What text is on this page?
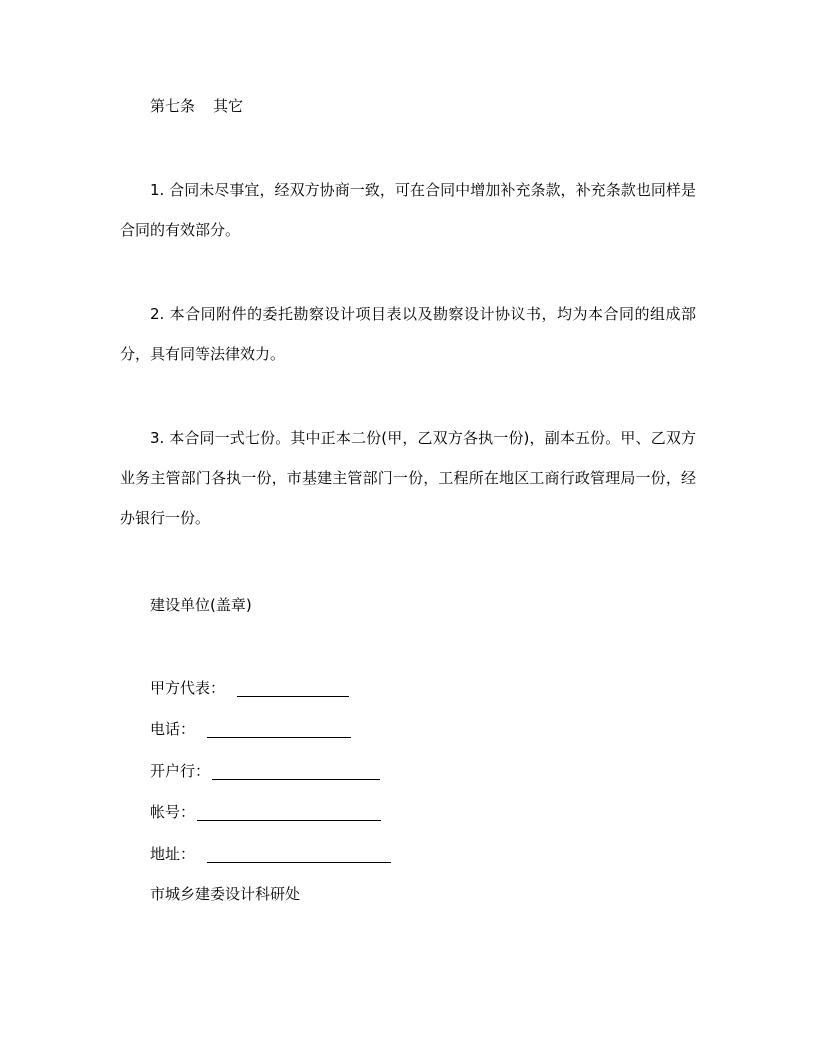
第七条 其它
1. 合同未尽事宜，经双方协商一致，可在合同中增加补充条款，补充条款也同样是合同的有效部分。
2. 本合同附件的委托勘察设计项目表以及勘察设计协议书，均为本合同的组成部分，具有同等法律效力。
3. 本合同一式七份。其中正本二份(甲，乙双方各执一份)，副本五份。甲、乙双方业务主管部门各执一份，市基建主管部门一份，工程所在地区工商行政管理局一份，经办银行一份。
建设单位(盖章)
甲方代表：
电话：
开户行：
帐号：
地址：
市城乡建委设计科研处
